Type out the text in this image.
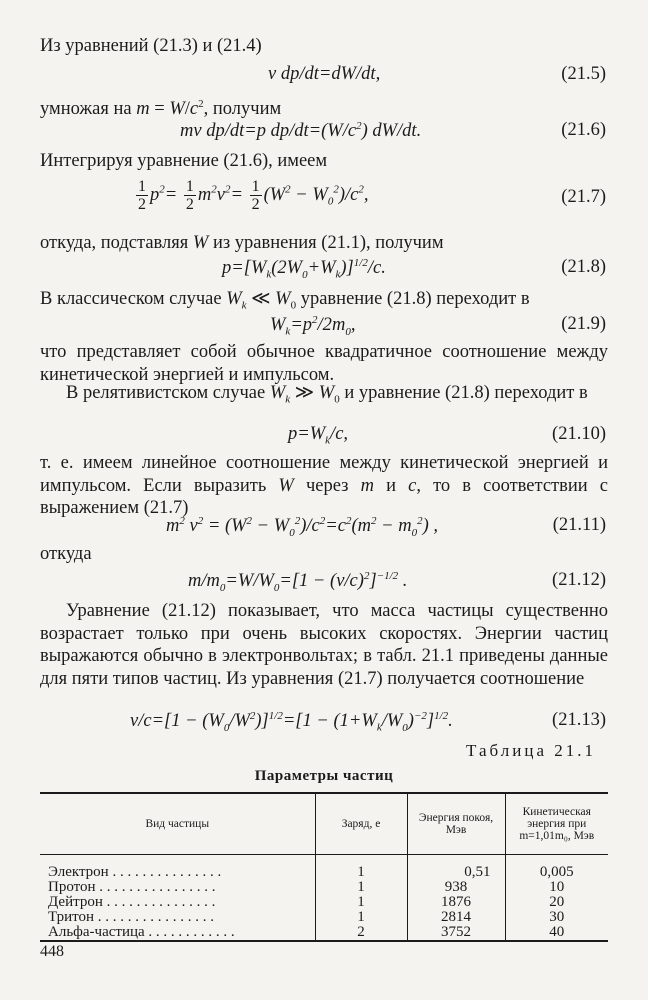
Из уравнений (21.3) и (21.4)
v dp/dt=dW/dt,	(21.5)
умножая на $m = W/c^2$, получим
mv dp/dt=p $dp/dt=(W/c^2)$ dW/dt.	(21.6)
Интегрируя уравнение (21.6), имеем
$\frac{1}{2} p^2= \frac{1}{2} m^2v^2= \frac{1}{2} (W^2 - W_0^2)/c^2$,	(21.7)
откуда, подставляя W из уравнения (21.1), получим
$p=[W_k(2W_0+W_k)]^{1/2}/c$.	(21.8)
В классическом случае $W_k$ ≪ $W_0$ уравнение (21.8) переходит в
$W_k=p^2/2m_0$,	(21.9)
что представляет собой обычное квадратичное соотношение между кинетической энергией и импульсом.
В релятивистском случае $W_k$ ≫ $W_0$ и уравнение (21.8) переходит в
$p=W_k/c$,	(21.10)
т. е. имеем линейное соотношение между кинетической энергией и импульсом. Если выразить W через m и c, то в соответствии с выражением (21.7)
$m^2$ $v^2 = (W^2 - W_0^2)/c^2=c^2(m^2 - m_0^2)$ ,	(21.11)
откуда
$m/m_0=W/W_0=[1 - (v/c)^2]^{-1/2}$ .	(21.12)
Уравнение (21.12) показывает, что масса частицы существенно возрастает только при очень высоких скоростях. Энергии частиц выражаются обычно в электронвольтах; в табл. 21.1 приведены данные для пяти типов частиц. Из уравнения (21.7) получается соотношение
$v/c=[1 - (W_0/W^2)]^{1/2}=[1 - (1+W_k/W_0)^{-2}]^{1/2}$.	(21.13)
Таблица 21.1
Параметры частиц
Вид частицы	Заряд, e	Энергия покоя, Мэв	Кинетическая энергия при m=1,01m₀, Мэв
Электрон . . . . . . . . . . . . . . .	1	0,51	0,005
Протон . . . . . . . . . . . . . . . .	1	938	10
Дейтрон . . . . . . . . . . . . . . .	1	1876	20
Тритон . . . . . . . . . . . . . . . .	1	2814	30
Альфа-частица . . . . . . . . . . . .	2	3752	40
448
